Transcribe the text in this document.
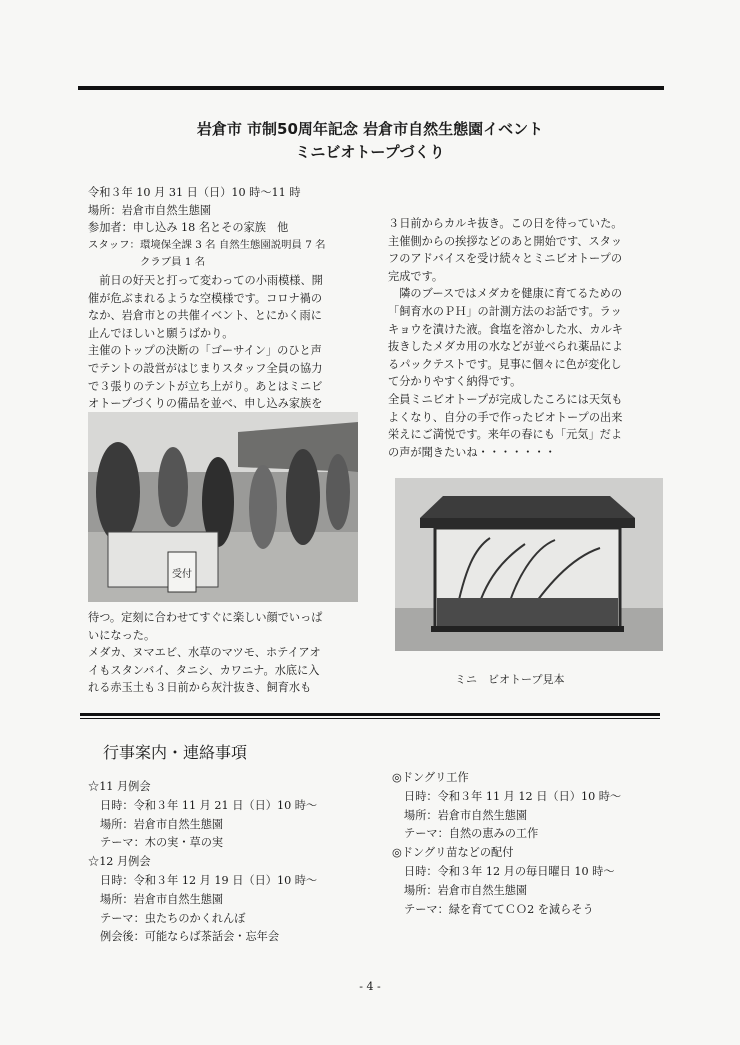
岩倉市 市制50周年記念 岩倉市自然生態園イベント
ミニビオトープづくり

令和３年 10 月 31 日（日）10 時～11 時

場所：岩倉市自然生態園

参加者：申し込み 18 名とその家族　他

スタッフ：環境保全課 3 名 自然生態園説明員 7 名

　　　　　クラブ員 1 名

　前日の好天と打って変わっての小雨模様、開

催が危ぶまれるような空模様です。コロナ禍の

なか、岩倉市との共催イベント、とにかく雨に

止んでほしいと願うばかり。

主催のトップの決断の「ゴーサイン」のひと声

でテントの設営がはじまりスタッフ全員の協力

で３張りのテントが立ち上がり。あとはミニビ

オトープづくりの備品を並べ、申し込み家族を

受付

待つ。定刻に合わせてすぐに楽しい顔でいっぱ

いになった。

メダカ、ヌマエビ、水草のマツモ、ホテイアオ

イもスタンバイ、タニシ、カワニナ。水底に入

れる赤玉土も３日前から灰汁抜き、飼育水も

３日前からカルキ抜き。この日を待っていた。

主催側からの挨拶などのあと開始です、スタッ

フのアドバイスを受け続々とミニビオトープの

完成です。

　隣のブースではメダカを健康に育てるための

「飼育水のＰＨ」の計測方法のお話です。ラッ

キョウを漬けた液。食塩を溶かした水、カルキ

抜きしたメダカ用の水などが並べられ薬品によ

るパックテストです。見事に個々に色が変化し

て分かりやすく納得です。

全員ミニビオトープが完成したころには天気も

よくなり、自分の手で作ったビオトープの出来

栄えにご満悦です。来年の春にも「元気」だよ

の声が聞きたいね・・・・・・・

ミニ　ビオトープ見本
行事案内・連絡事項

☆11 月例会

日時：令和３年 11 月 21 日（日）10 時～

場所：岩倉市自然生態園

テーマ：木の実・草の実

☆12 月例会

日時：令和３年 12 月 19 日（日）10 時～

場所：岩倉市自然生態園

テーマ：虫たちのかくれんぼ

例会後：可能ならば茶話会・忘年会

◎ドングリ工作

日時：令和３年 11 月 12 日（日）10 時～

場所：岩倉市自然生態園

テーマ：自然の恵みの工作

◎ドングリ苗などの配付

日時：令和３年 12 月の毎日曜日 10 時～

場所：岩倉市自然生態園

テーマ：緑を育ててＣＯ2 を減らそう

- 4 -
